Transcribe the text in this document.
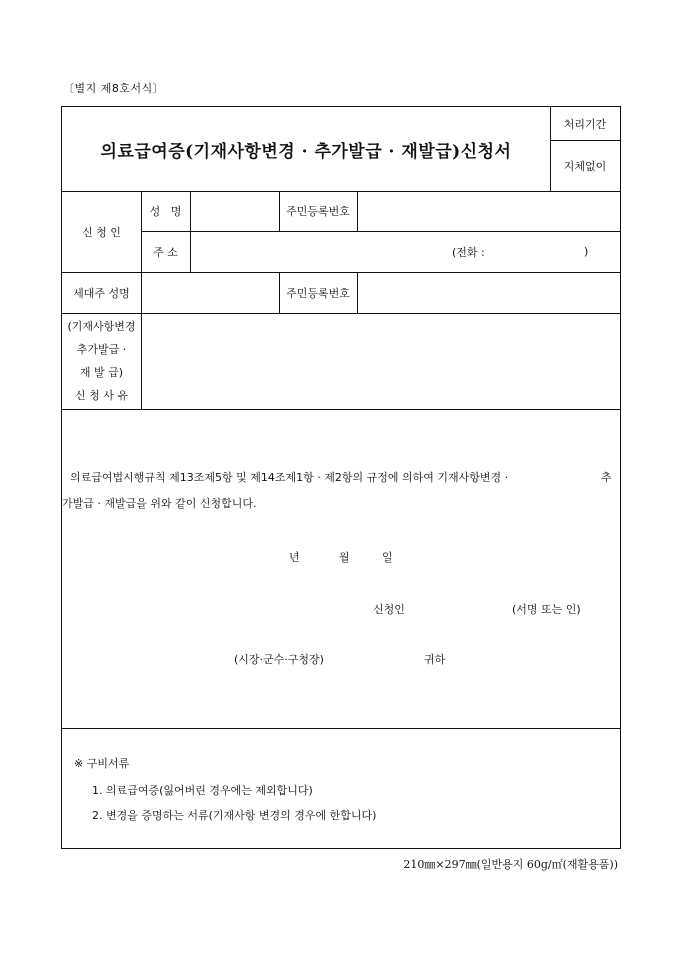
〔별지 제8호서식〕
의료급여증(기재사항변경 · 추가발급 · 재발급)신청서
처리기간
지체없이
신 청 인
성   명	주민등록번호
주 소	(전화 :	)
세대주 성명	주민등록번호
(기재사항변경
추가발급 ·
재 발 급)
신 청 사 유
의료급여법시행규칙 제13조제5항 및 제14조제1항 · 제2항의 규정에 의하여 기재사항변경 ·	추
가발급 · 재발급을 위와 같이 신청합니다.
년	월	일
신청인	(서명 또는 인)
(시장·군수·구청장)	귀하
※ 구비서류
1. 의료급여증(잃어버린 경우에는 제외합니다)
2. 변경을 증명하는 서류(기재사항 변경의 경우에 한합니다)
210㎜×297㎜(일반용지 60g/㎡(재활용품))
